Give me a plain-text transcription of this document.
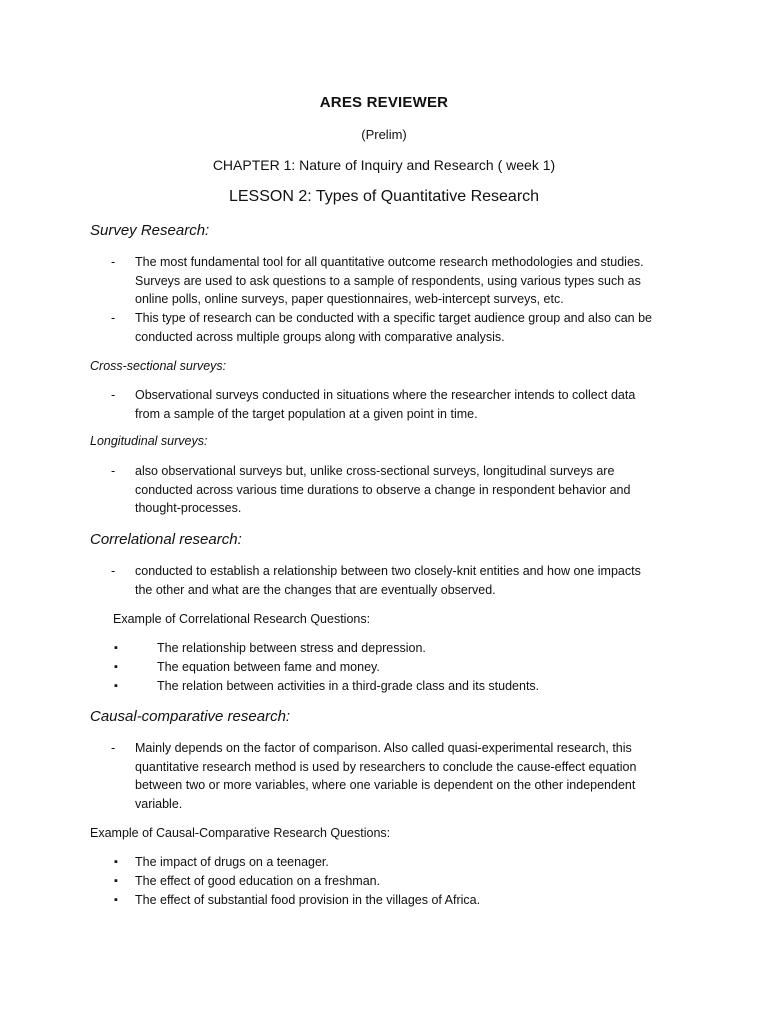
ARES REVIEWER
(Prelim)
CHAPTER 1: Nature of Inquiry and Research ( week 1)
LESSON 2: Types of Quantitative Research
Survey Research:
- The most fundamental tool for all quantitative outcome research methodologies and studies.
Surveys are used to ask questions to a sample of respondents, using various types such as
online polls, online surveys, paper questionnaires, web-intercept surveys, etc.
- This type of research can be conducted with a specific target audience group and also can be
conducted across multiple groups along with comparative analysis.
Cross-sectional surveys:
- Observational surveys conducted in situations where the researcher intends to collect data
from a sample of the target population at a given point in time.
Longitudinal surveys:
- also observational surveys but, unlike cross-sectional surveys, longitudinal surveys are
conducted across various time durations to observe a change in respondent behavior and
thought-processes.
Correlational research:
- conducted to establish a relationship between two closely-knit entities and how one impacts
the other and what are the changes that are eventually observed.
Example of Correlational Research Questions:
▪	The relationship between stress and depression.
▪	The equation between fame and money.
▪	The relation between activities in a third-grade class and its students.
Causal-comparative research:
- Mainly depends on the factor of comparison. Also called quasi-experimental research, this
quantitative research method is used by researchers to conclude the cause-effect equation
between two or more variables, where one variable is dependent on the other independent
variable.
Example of Causal-Comparative Research Questions:
▪ The impact of drugs on a teenager.
▪ The effect of good education on a freshman.
▪ The effect of substantial food provision in the villages of Africa.
